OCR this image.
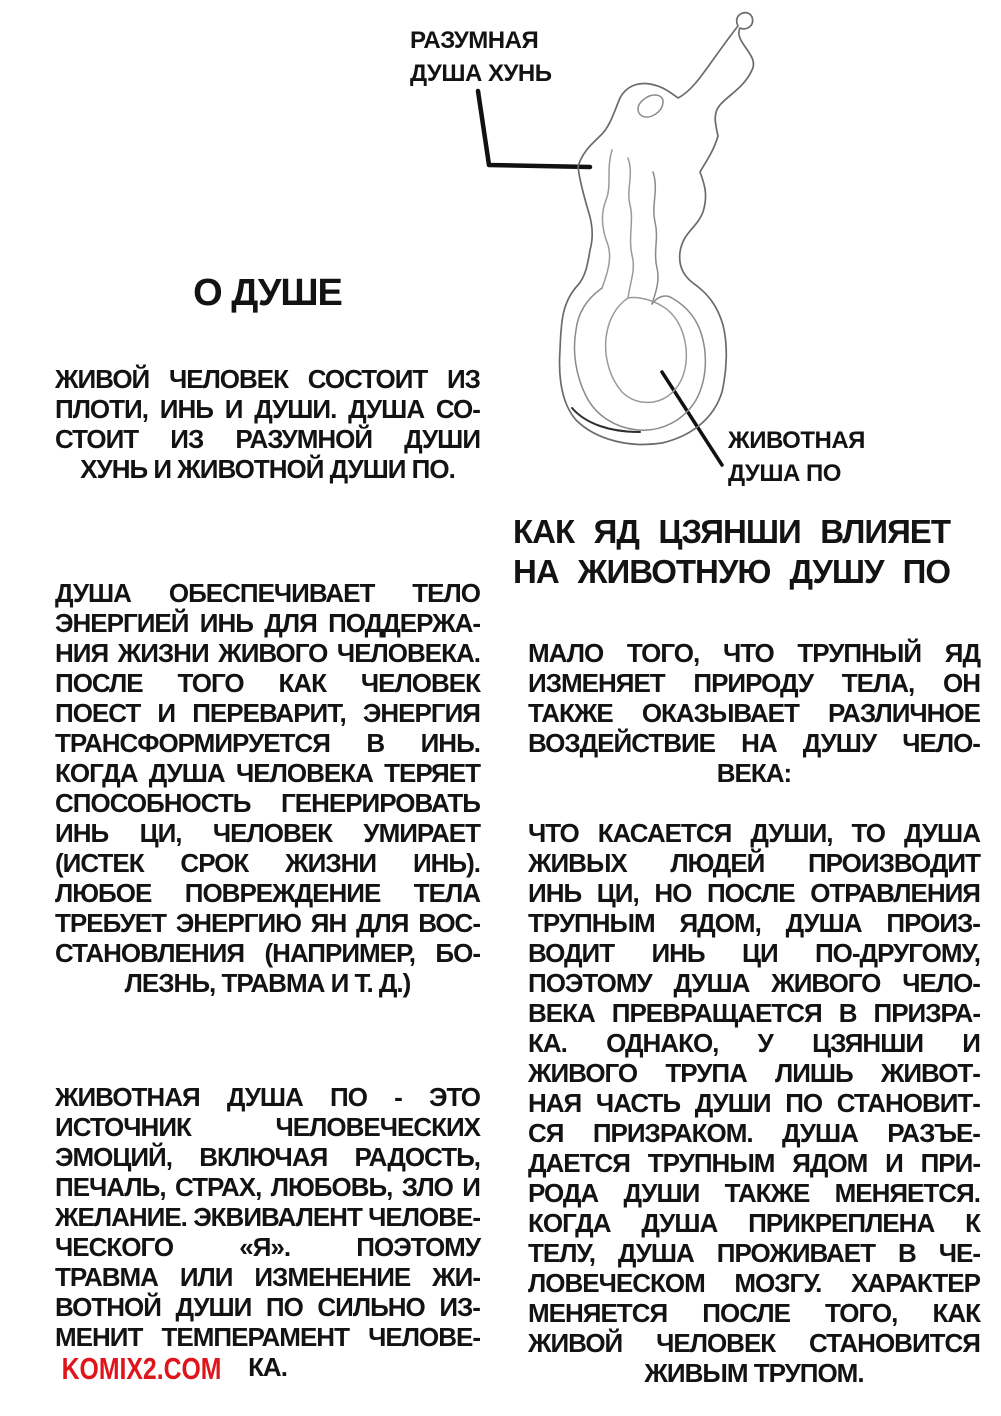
РАЗУМНАЯ
ДУША ХУНЬ
ЖИВОТНАЯ
ДУША ПО
О ДУШЕ
ЖИВОЙ ЧЕЛОВЕК СОСТОИТ ИЗ
ПЛОТИ, ИНЬ И ДУШИ. ДУША СО-
СТОИТ ИЗ РАЗУМНОЙ ДУШИ
ХУНЬ И ЖИВОТНОЙ ДУШИ ПО.
ДУША ОБЕСПЕЧИВАЕТ ТЕЛО
ЭНЕРГИЕЙ ИНЬ ДЛЯ ПОДДЕРЖА-
НИЯ ЖИЗНИ ЖИВОГО ЧЕЛОВЕКА.
ПОСЛЕ ТОГО КАК ЧЕЛОВЕК
ПОЕСТ И ПЕРЕВАРИТ, ЭНЕРГИЯ
ТРАНСФОРМИРУЕТСЯ В ИНЬ.
КОГДА ДУША ЧЕЛОВЕКА ТЕРЯЕТ
СПОСОБНОСТЬ ГЕНЕРИРОВАТЬ
ИНЬ ЦИ, ЧЕЛОВЕК УМИРАЕТ
(ИСТЕК СРОК ЖИЗНИ ИНЬ).
ЛЮБОЕ ПОВРЕЖДЕНИЕ ТЕЛА
ТРЕБУЕТ ЭНЕРГИЮ ЯН ДЛЯ ВОС-
СТАНОВЛЕНИЯ (НАПРИМЕР, БО-
ЛЕЗНЬ, ТРАВМА И Т. Д.)
ЖИВОТНАЯ ДУША ПО - ЭТО
ИСТОЧНИК	ЧЕЛОВЕЧЕСКИХ
ЭМОЦИЙ, ВКЛЮЧАЯ РАДОСТЬ,
ПЕЧАЛЬ, СТРАХ, ЛЮБОВЬ, ЗЛО И
ЖЕЛАНИЕ. ЭКВИВАЛЕНТ ЧЕЛОВЕ-
ЧЕСКОГО	«Я».	ПОЭТОМУ
ТРАВМА ИЛИ ИЗМЕНЕНИЕ ЖИ-
ВОТНОЙ ДУШИ ПО СИЛЬНО ИЗ-
МЕНИТ ТЕМПЕРАМЕНТ ЧЕЛОВЕ-
КА.
КАК ЯД ЦЗЯНШИ ВЛИЯЕТ
НА ЖИВОТНУЮ ДУШУ ПО
МАЛО ТОГО, ЧТО ТРУПНЫЙ ЯД
ИЗМЕНЯЕТ ПРИРОДУ ТЕЛА, ОН
ТАКЖЕ ОКАЗЫВАЕТ РАЗЛИЧНОЕ
ВОЗДЕЙСТВИЕ НА ДУШУ ЧЕЛО-
ВЕКА:
ЧТО КАСАЕТСЯ ДУШИ, ТО ДУША
ЖИВЫХ ЛЮДЕЙ ПРОИЗВОДИТ
ИНЬ ЦИ, НО ПОСЛЕ ОТРАВЛЕНИЯ
ТРУПНЫМ ЯДОМ, ДУША ПРОИЗ-
ВОДИТ ИНЬ ЦИ ПО-ДРУГОМУ,
ПОЭТОМУ ДУША ЖИВОГО ЧЕЛО-
ВЕКА ПРЕВРАЩАЕТСЯ В ПРИЗРА-
КА. ОДНАКО, У ЦЗЯНШИ И
ЖИВОГО ТРУПА ЛИШЬ ЖИВОТ-
НАЯ ЧАСТЬ ДУШИ ПО СТАНОВИТ-
СЯ ПРИЗРАКОМ. ДУША РАЗЪЕ-
ДАЕТСЯ ТРУПНЫМ ЯДОМ И ПРИ-
РОДА ДУШИ ТАКЖЕ МЕНЯЕТСЯ.
КОГДА ДУША ПРИКРЕПЛЕНА К
ТЕЛУ, ДУША ПРОЖИВАЕТ В ЧЕ-
ЛОВЕЧЕСКОМ МОЗГУ. ХАРАКТЕР
МЕНЯЕТСЯ ПОСЛЕ ТОГО, КАК
ЖИВОЙ ЧЕЛОВЕК СТАНОВИТСЯ
ЖИВЫМ ТРУПОМ.
SEXKOMIX2.COM
